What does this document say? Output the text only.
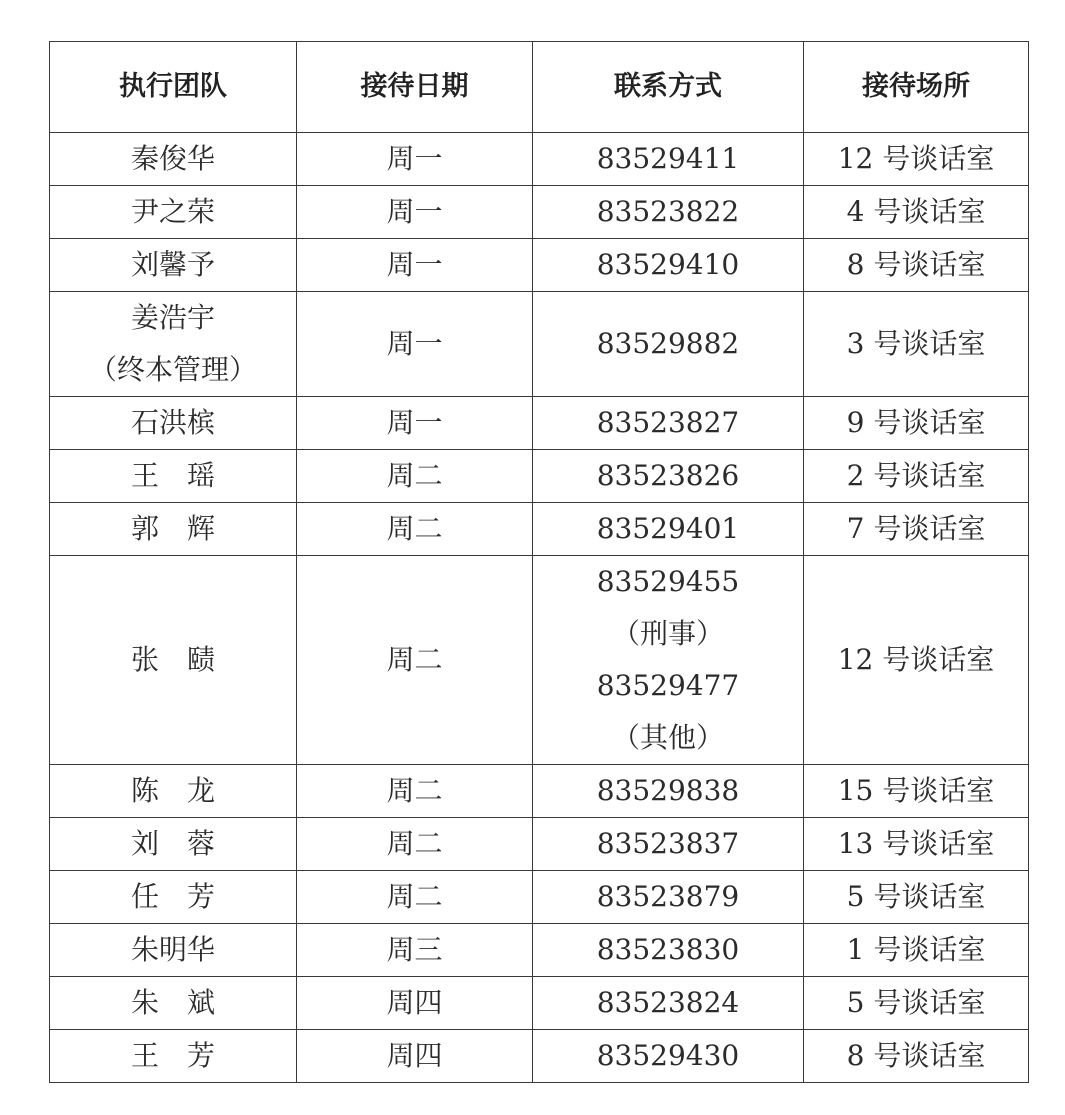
执行团队	接待日期	联系方式	接待场所

秦俊华	周一	83529411	12 号谈话室

尹之荣	周一	83523822	4 号谈话室

刘馨予	周一	83529410	8 号谈话室

姜浩宇
（终本管理）	周一	83529882	3 号谈话室

石洪槟	周一	83523827	9 号谈话室

王　瑶	周二	83523826	2 号谈话室

郭　辉	周二	83529401	7 号谈话室

张　赜	周二	83529455
（刑事）
83529477
（其他）	12 号谈话室

陈　龙	周二	83529838	15 号谈话室

刘　蓉	周二	83523837	13 号谈话室

任　芳	周二	83523879	5 号谈话室

朱明华	周三	83523830	1 号谈话室

朱　斌	周四	83523824	5 号谈话室

王　芳	周四	83529430	8 号谈话室
